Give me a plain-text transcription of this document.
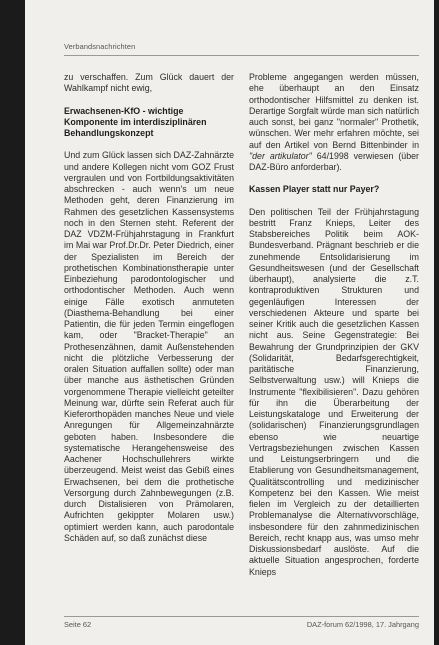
Verbandsnachrichten

zu verschaffen. Zum Glück dauert der Wahlkampf nicht ewig,

Erwachsenen-KfO - wichtige Komponente im interdisziplinären Behandlungskonzept

Und zum Glück lassen sich DAZ-Zahnärzte und andere Kollegen nicht vom GOZ Frust vergraulen und von Fortbildungsaktivitäten abschrecken - auch wenn's um neue Methoden geht, deren Finanzierung im Rahmen des gesetzlichen Kassensystems noch in den Sternen steht. Referent der DAZ VDZM-Frühjahrstagung in Frankfurt im Mai war Prof.Dr.Dr. Peter Diedrich, einer der Spezialisten im Bereich der prothetischen Kombinationstherapie unter Einbeziehung parodontologischer und orthodontischer Methoden. Auch wenn einige Fälle exotisch anmuteten (Diasthema-Behandlung bei einer Patientin, die für jeden Termin eingeflogen kam, oder "Bracket-Therapie" an Prothesenzähnen, damit Außenstehenden nicht die plötzliche Verbesserung der oralen Situation auffallen sollte) oder man über manche aus ästhetischen Gründen vorgenommene Therapie vielleicht geteilter Meinung war, dürfte sein Referat auch für Kieferorthopäden manches Neue und viele Anregungen für Allgemeinzahnärzte geboten haben. Insbesondere die systematische Herangehensweise des Aachener Hochschullehrers wirkte überzeugend. Meist weist das Gebiß eines Erwachsenen, bei dem die prothetische Versorgung durch Zahnbewegungen (z.B. durch Distalisieren von Prämolaren, Aufrichten gekippter Molaren usw.) optimiert werden kann, auch parodontale Schäden auf, so daß zunächst diese

Probleme angegangen werden müssen, ehe überhaupt an den Einsatz orthodontischer Hilfsmittel zu denken ist. Derartige Sorgfalt würde man sich natürlich auch sonst, bei ganz "normaler" Prothetik, wünschen. Wer mehr erfahren möchte, sei auf den Artikel von Bernd Bittenbinder in "der artikulator" 64/1998 verwiesen (über DAZ-Büro anforderbar).

Kassen Player statt nur Payer?

Den politischen Teil der Frühjahrstagung bestritt Franz Knieps, Leiter des Stabsbereiches Politik beim AOK-Bundesverband. Prägnant beschrieb er die zunehmende Entsolidarisierung im Gesundheitswesen (und der Gesellschaft überhaupt), analysierte die z.T. kontraproduktiven Strukturen und gegenläufigen Interessen der verschiedenen Akteure und sparte bei seiner Kritik auch die gesetzlichen Kassen nicht aus. Seine Gegenstrategie: Bei Bewahrung der Grundprinzipien der GKV (Solidarität, Bedarfsgerechtigkeit, paritätische Finanzierung, Selbstverwaltung usw.) will Knieps die Instrumente "flexibilisieren". Dazu gehören für ihn die Überarbeitung der Leistungskataloge und Erweiterung der (solidarischen) Finanzierungsgrundlagen ebenso wie neuartige Vertragsbeziehungen zwischen Kassen und Leistungserbringern und die Etablierung von Gesundheitsmanagement, Qualitätscontrolling und medizinischer Kompetenz bei den Kassen. Wie meist fielen im Vergleich zu der detaillierten Problemanalyse die Alternativvorschläge, insbesondere für den zahnmedizinischen Bereich, recht knapp aus, was umso mehr Diskussionsbedarf auslöste. Auf die aktuelle Situation angesprochen, forderte Knieps

Seite 62	DAZ-forum 62/1998, 17. Jahrgang
